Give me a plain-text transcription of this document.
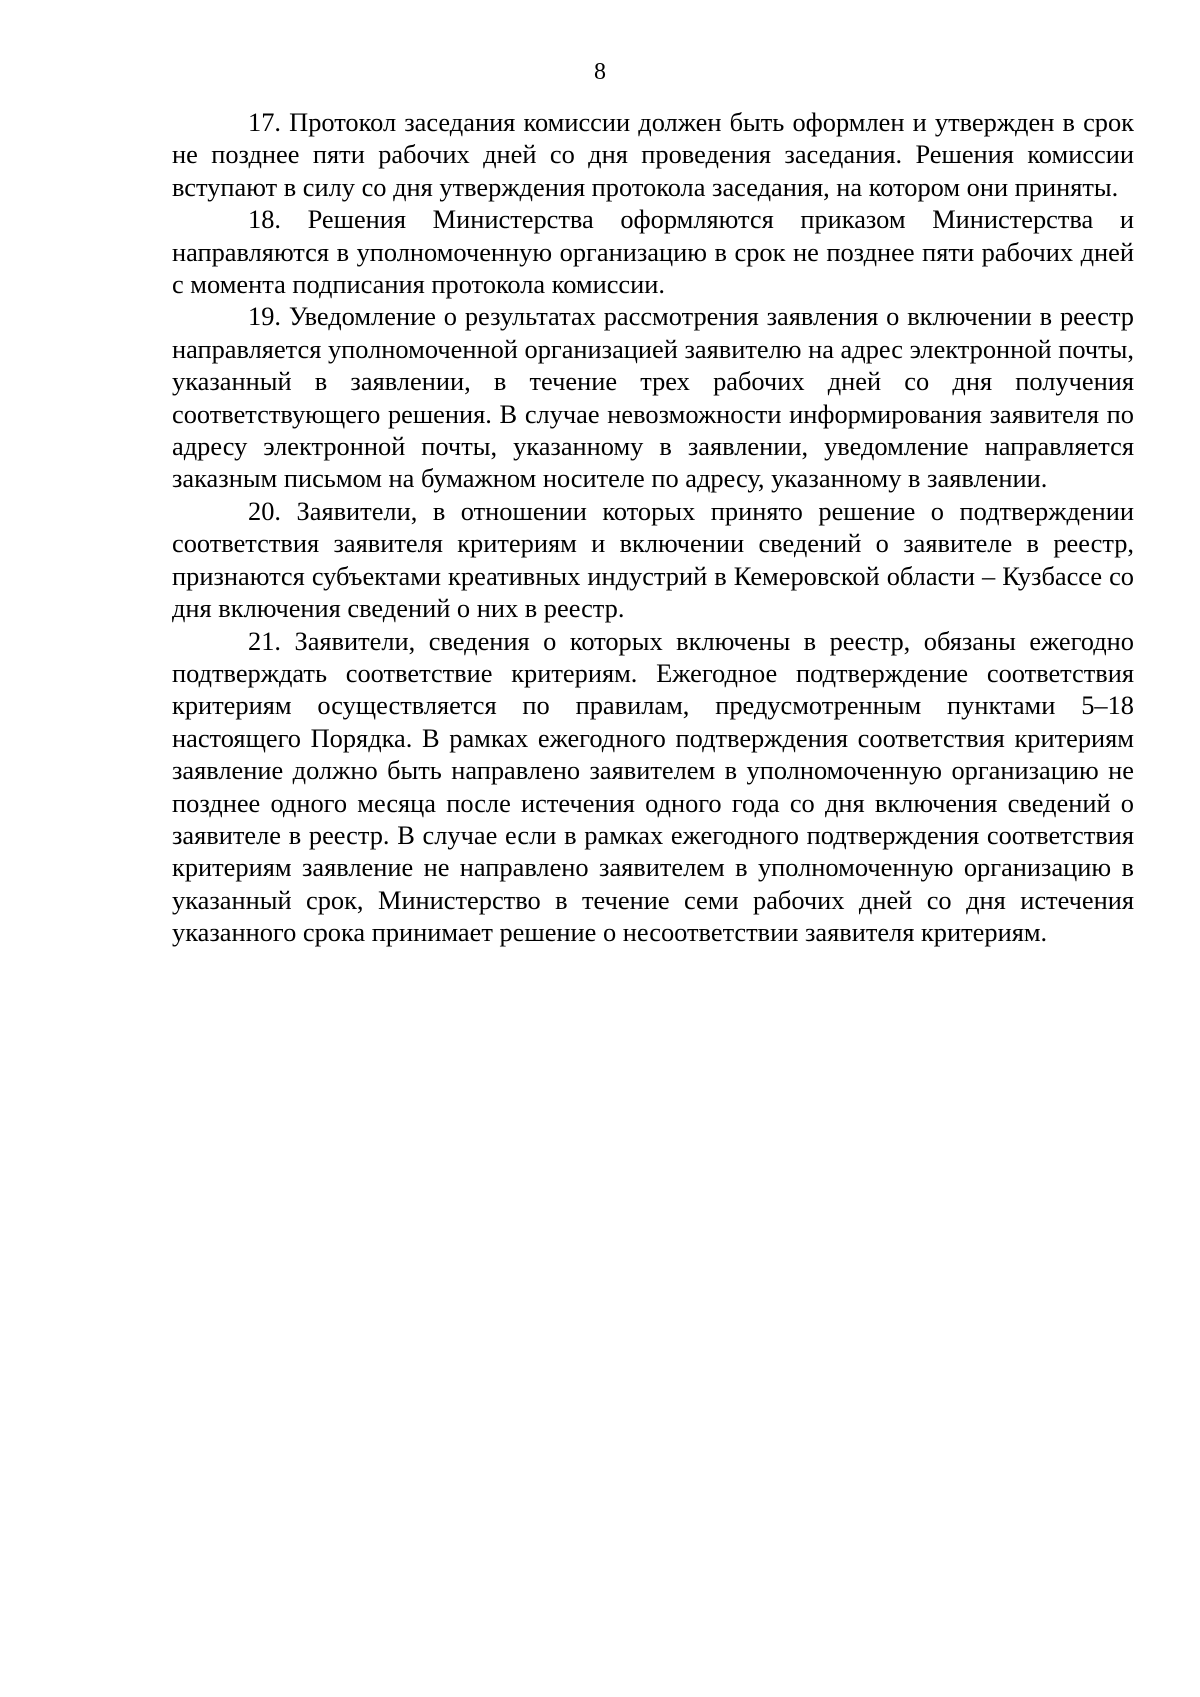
8

17. Протокол заседания комиссии должен быть оформлен и утвержден в срок не позднее пяти рабочих дней со дня проведения заседания. Решения комиссии вступают в силу со дня утверждения протокола заседания, на котором они приняты.

18. Решения Министерства оформляются приказом Министерства и направляются в уполномоченную организацию в срок не позднее пяти рабочих дней с момента подписания протокола комиссии.

19. Уведомление о результатах рассмотрения заявления о включении в реестр направляется уполномоченной организацией заявителю на адрес электронной почты, указанный в заявлении, в течение трех рабочих дней со дня получения соответствующего решения. В случае невозможности информирования заявителя по адресу электронной почты, указанному в заявлении, уведомление направляется заказным письмом на бумажном носителе по адресу, указанному в заявлении.

20. Заявители, в отношении которых принято решение о подтверждении соответствия заявителя критериям и включении сведений о заявителе в реестр, признаются субъектами креативных индустрий в Кемеровской области – Кузбассе со дня включения сведений о них в реестр.

21. Заявители, сведения о которых включены в реестр, обязаны ежегодно подтверждать соответствие критериям. Ежегодное подтверждение соответствия критериям осуществляется по правилам, предусмотренным пунктами 5–18 настоящего Порядка. В рамках ежегодного подтверждения соответствия критериям заявление должно быть направлено заявителем в уполномоченную организацию не позднее одного месяца после истечения одного года со дня включения сведений о заявителе в реестр. В случае если в рамках ежегодного подтверждения соответствия критериям заявление не направлено заявителем в уполномоченную организацию в указанный срок, Министерство в течение семи рабочих дней со дня истечения указанного срока принимает решение о несоответствии заявителя критериям.
